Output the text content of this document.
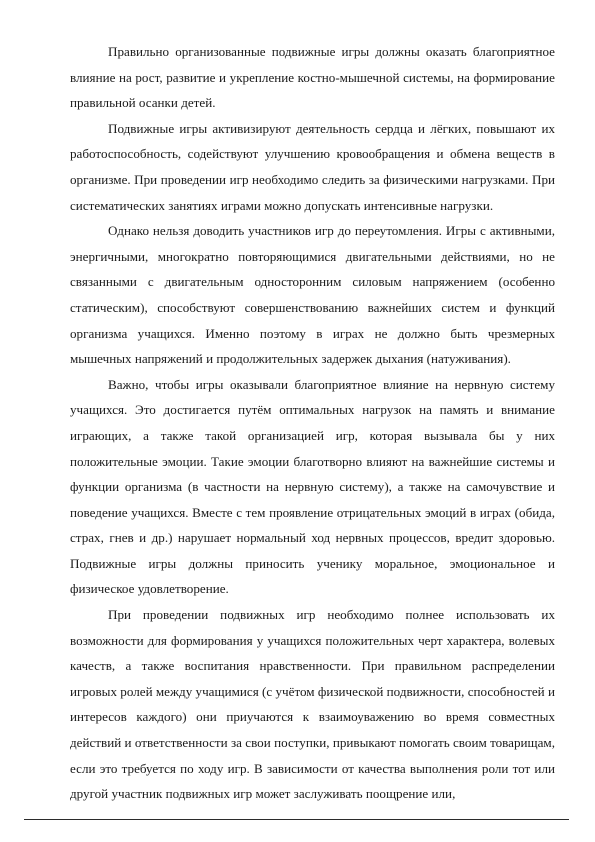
Правильно организованные подвижные игры должны оказать благоприятное влияние на рост, развитие и укрепление костно-мышечной системы, на формирование правильной осанки детей.

Подвижные игры активизируют деятельность сердца и лёгких, повышают их работоспособность, содействуют улучшению кровообращения и обмена веществ в организме. При проведении игр необходимо следить за физическими нагрузками. При систематических занятиях играми можно допускать интенсивные нагрузки.

Однако нельзя доводить участников игр до переутомления. Игры с активными, энергичными, многократно повторяющимися двигательными действиями, но не связанными с двигательным односторонним силовым напряжением (особенно статическим), способствуют совершенствованию важнейших систем и функций организма учащихся. Именно поэтому в играх не должно быть чрезмерных мышечных напряжений и продолжительных задержек дыхания (натуживания).

Важно, чтобы игры оказывали благоприятное влияние на нервную систему учащихся. Это достигается путём оптимальных нагрузок на память и внимание играющих, а также такой организацией игр, которая вызывала бы у них положительные эмоции. Такие эмоции благотворно влияют на важнейшие системы и функции организма (в частности на нервную систему), а также на самочувствие и поведение учащихся. Вместе с тем проявление отрицательных эмоций в играх (обида, страх, гнев и др.) нарушает нормальный ход нервных процессов, вредит здоровью. Подвижные игры должны приносить ученику моральное, эмоциональное и физическое удовлетворение.

При проведении подвижных игр необходимо полнее использовать их возможности для формирования у учащихся положительных черт характера, волевых качеств, а также воспитания нравственности. При правильном распределении игровых ролей между учащимися (с учётом физической подвижности, способностей и интересов каждого) они приучаются к взаимоуважению во время совместных действий и ответственности за свои поступки, привыкают помогать своим товарищам, если это требуется по ходу игр. В зависимости от качества выполнения роли тот или другой участник подвижных игр может заслуживать поощрение или,
